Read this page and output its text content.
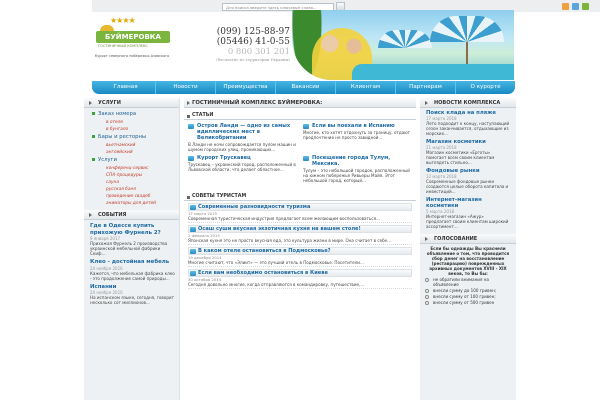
Для поиска введите здесь ключевые слова...
★★★★
БУЙМЕРОВКА
ГОСТИНИЧНЫЙ КОМПЛЕКС
Курорт северного побережья Азовского
(099) 125-88-97
(05446) 41-0-55
0 800 301 201
(бесплатно по территории Украины)
Главная	Новости	Преимущества	Вакансии	Клиентам	Партнерам	О курорте
УСЛУГИ
Заказ номера
в отеле
в бунгало
Бары и ресторны
вьетнамский
английский
Услуги
конференц-сервис
СПА-процедуры
сауна
русская баня
проведение свадеб
аниматоры для детей
СОБЫТИЯ
Где в Одессе купить прихожую Фурнель 2?
9 января 2017
Прихожая Фурнель 2 производства украинской мебельной фабрики Скиф...
Клео - достойная мебель
24 ноября 2016
Кажется, что мебельная фабрика клео - это продолжение самой природы...
Испании
24 ноября 2016
На испанском языке, сегодня, говорит несколько сот миллионов...
ГОСТИНИЧНЫЙ КОМПЛЕКС БУЙМЕРОВКА:
СТАТЬИ
Остров Ланди — одно из самых идиллических мест в Великобритании
В Ланди не ночи сопровождается пулом машин и шумом городских улиц, проникающих...
Если вы поехали в Испанию
Многие, кто хотят отдохнуть за границу, отдают предпочтение не просто завидной...
Курорт Трускавец
Трускавец – украинский город, расположенный в Львовской области, что делает областное...
Посещение города Тулум, Мексика.
Тулум – это небольшой городок, расположенный на южном побережье Ривьеры Майя. Этот небольшой город, который...
СОВЕТЫ ТУРИСТАМ
Современные разновидности туризма
17 марта 2015
Современная туристическая индустрия предлагает всем желающим воспользоваться...
Осаш суши вкусная экзотичная кухня на вашем столе!
2 февраля 2015
Японская кухня это не просто вкусная еда, это культура жизни в мире. Она считает в себе...
В каком отеле остановиться в Подмосковье?
19 декабря 2014
Многие считают, что «Элиит» — это лучший отель в Подмосковье. Посетители...
Если вам необходимо остановиться в Киеве
30 октября 2014
Сегодня довольно многие, когда отправляются в командировку, путешествие,...
НОВОСТИ КОМПЛЕКСА
Поиск клада на пляже
17 марта 2018
Лето подходит к концу, наступающий сезон заканчивается, отдыхающие из морских...
Магазин косметики
21 марта 2018
Магазин косметики «Ерготы» помогает всем своим клиентам выглядеть стильно...
Фондовые рынки
12 марта 2018
Современные фондовые рынки создаются целые оборота капитала и инвестиций...
Интернет-магазин косметики
5 марта 2018
Интернет-магазин «Ажур» предлагает своим клиентам широкий ассортимент...
ГОЛОСОВАНИЕ
Если бы однажды Вы краснели объявление о том, что проводится сбор денег на восстановление (реставрацию) поврежденных архивных документов XVIII - XIX веков, то Вы бы:
не обратили внимания на объявление
внесли сумму до 100 гривен;
внесли сумму от 100 гривен;
внесли сумму от 500 гривен
